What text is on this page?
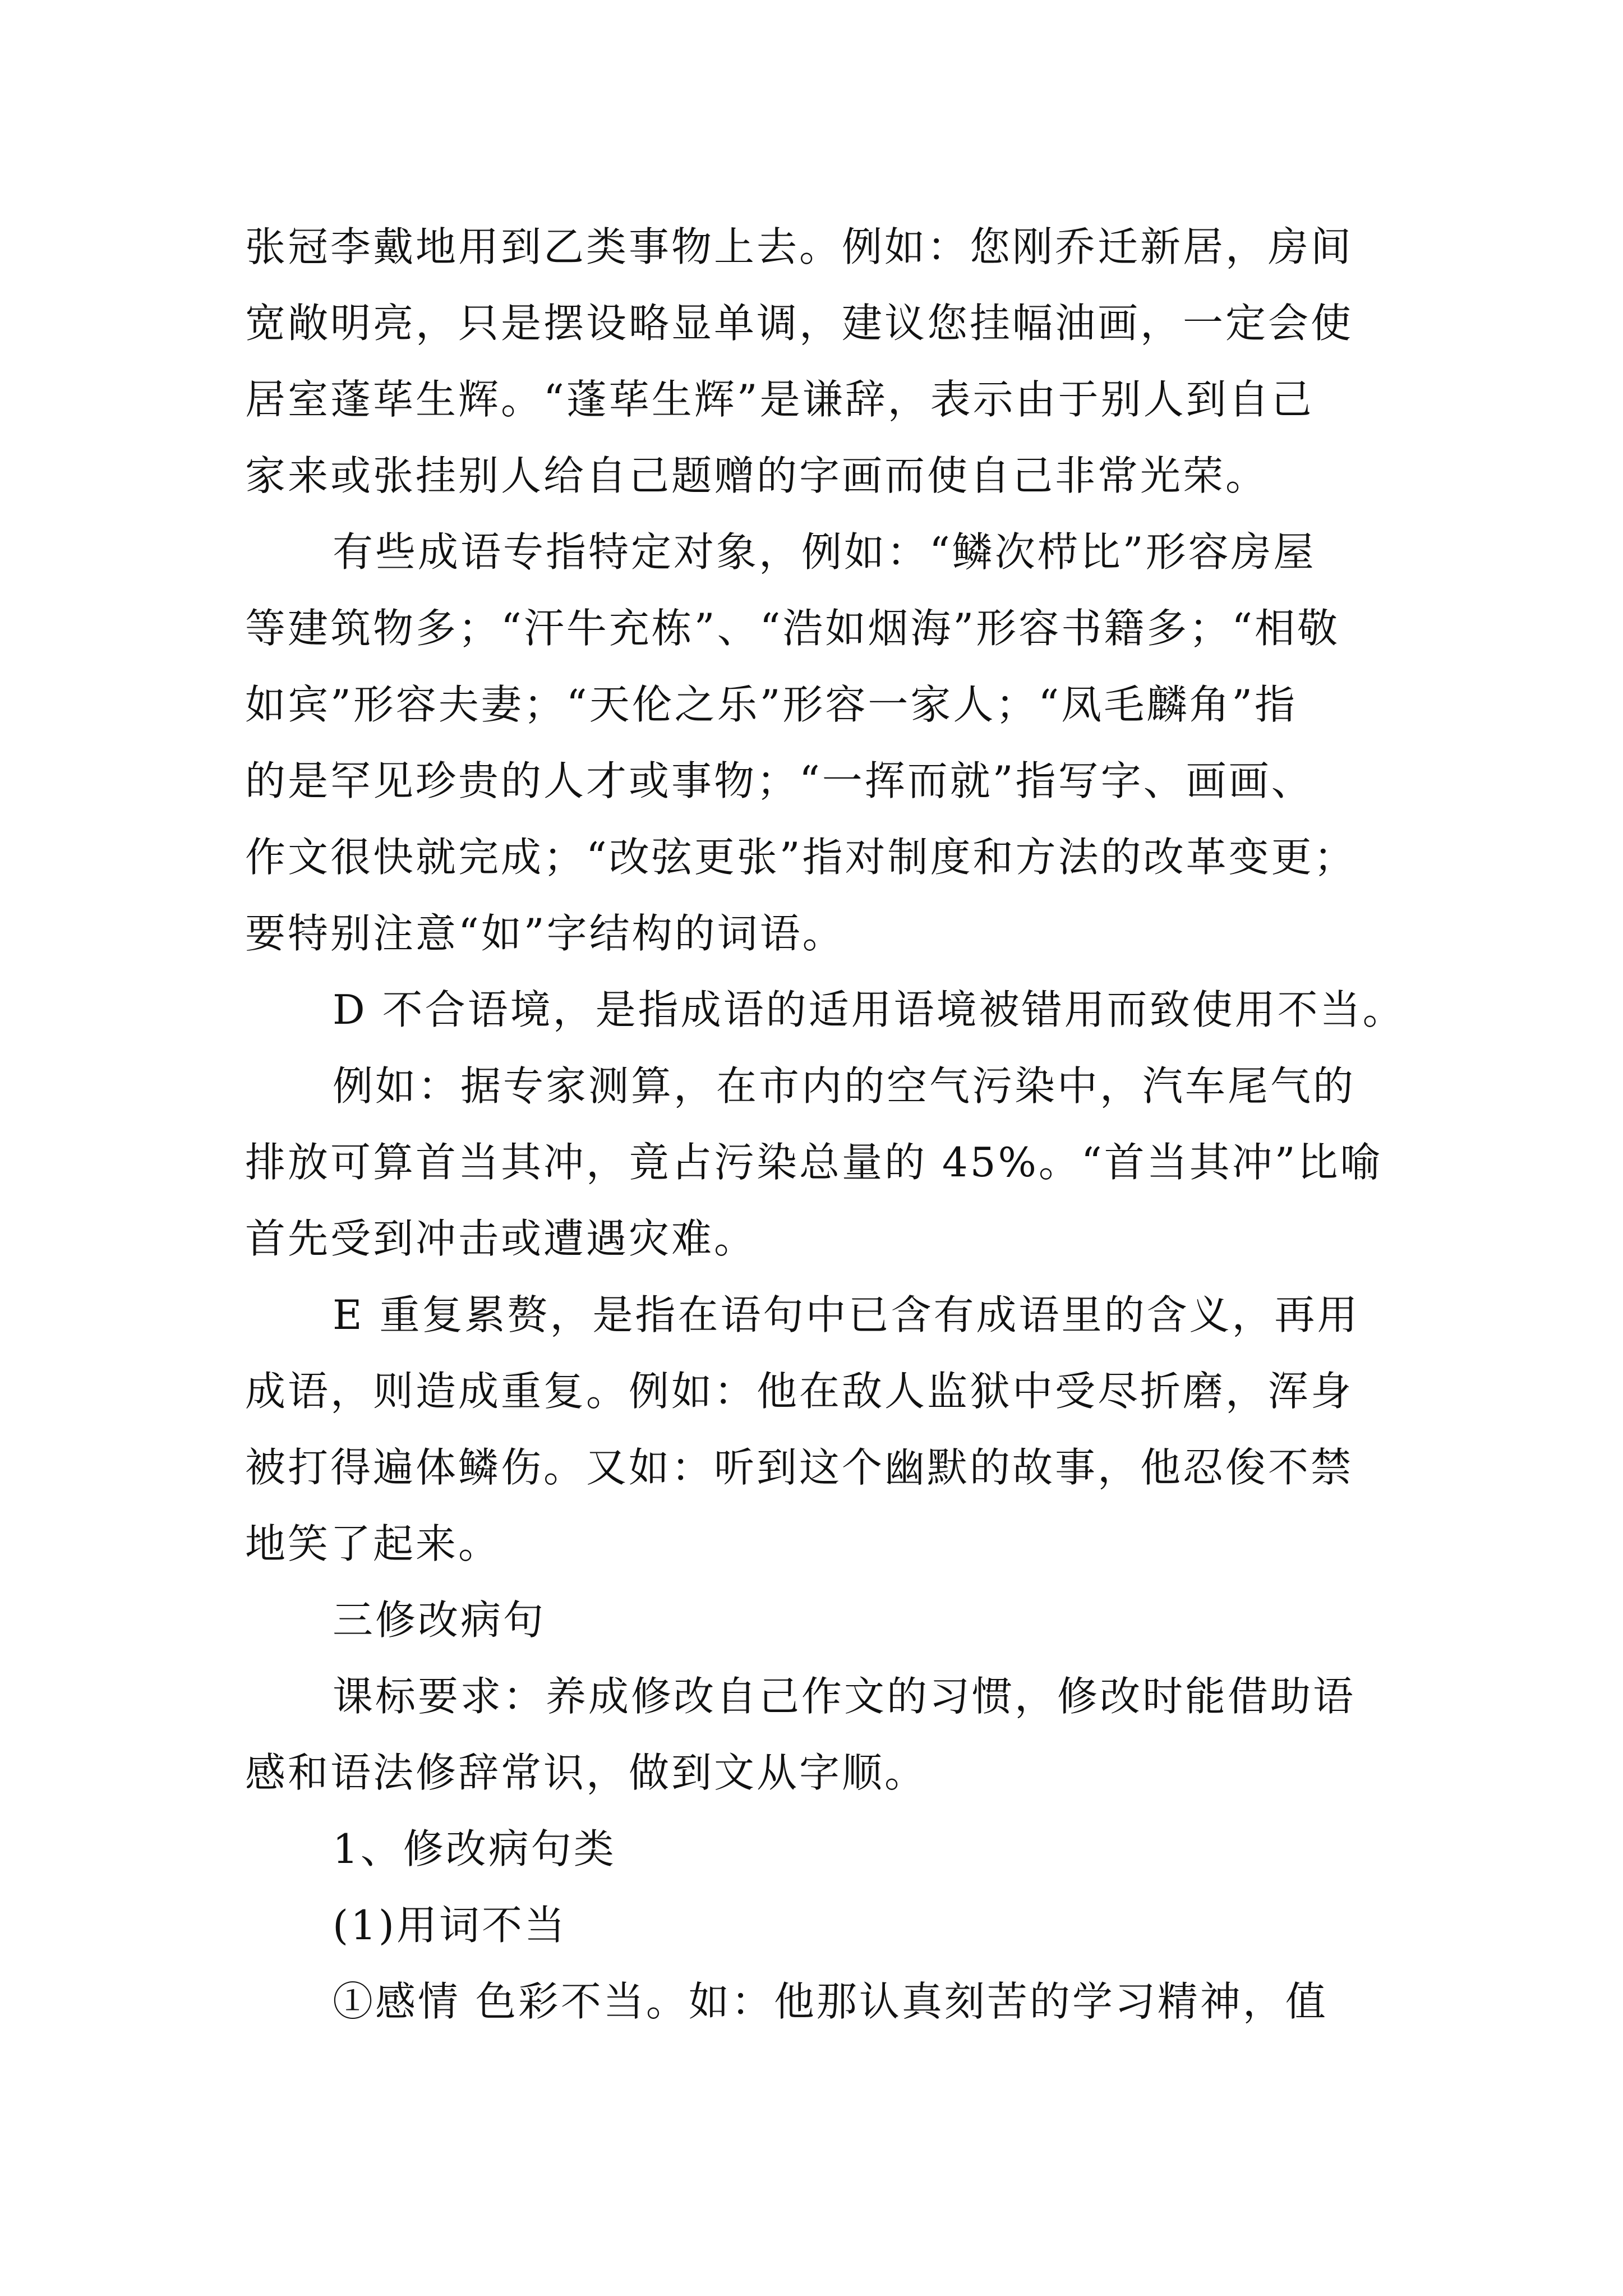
张冠李戴地用到乙类事物上去。例如：您刚乔迁新居，房间
宽敞明亮，只是摆设略显单调，建议您挂幅油画，一定会使
居室蓬荜生辉。“蓬荜生辉”是谦辞，表示由于别人到自己
家来或张挂别人给自己题赠的字画而使自己非常光荣。
有些成语专指特定对象，例如：“鳞次栉比”形容房屋
等建筑物多；“汗牛充栋”、“浩如烟海”形容书籍多；“相敬
如宾”形容夫妻；“天伦之乐”形容一家人；“凤毛麟角”指
的是罕见珍贵的人才或事物；“一挥而就”指写字、画画、
作文很快就完成；“改弦更张”指对制度和方法的改革变更；
要特别注意“如”字结构的词语。
D 不合语境，是指成语的适用语境被错用而致使用不当。
例如：据专家测算，在市内的空气污染中，汽车尾气的
排放可算首当其冲，竟占污染总量的 45%。“首当其冲”比喻
首先受到冲击或遭遇灾难。
E 重复累赘，是指在语句中已含有成语里的含义，再用
成语，则造成重复。例如：他在敌人监狱中受尽折磨，浑身
被打得遍体鳞伤。又如：听到这个幽默的故事，他忍俊不禁
地笑了起来。
三修改病句
课标要求：养成修改自己作文的习惯，修改时能借助语
感和语法修辞常识，做到文从字顺。
1、修改病句类
(1)用词不当
①感情 色彩不当。如：他那认真刻苦的学习精神，值
